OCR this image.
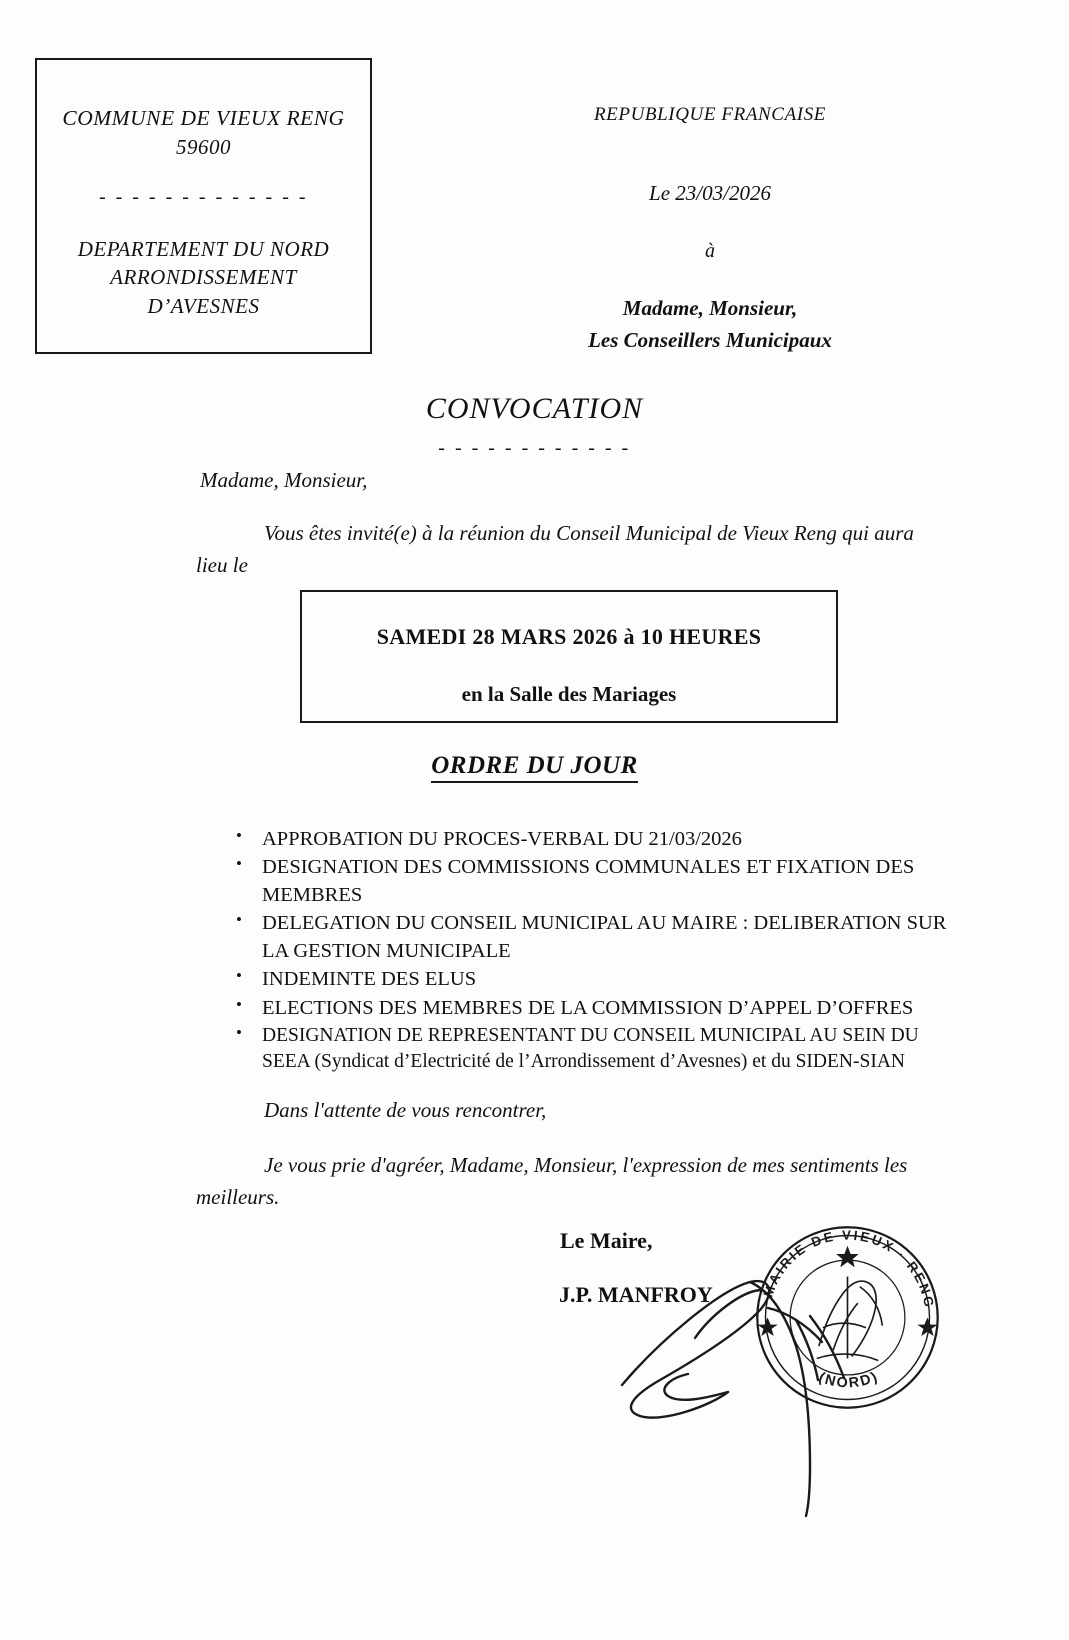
COMMUNE DE VIEUX RENG
59600
- - - - - - - - - - - - -
DEPARTEMENT DU NORD
ARRONDISSEMENT
D’AVESNES
REPUBLIQUE FRANCAISE
Le 23/03/2026
à
Madame, Monsieur,
Les Conseillers Municipaux
CONVOCATION
- - - - - - - - - - - -
Madame, Monsieur,
Vous êtes invité(e) à la réunion du Conseil Municipal de Vieux Reng qui aura lieu le
SAMEDI 28 MARS 2026 à 10 HEURES
en la Salle des Mariages
ORDRE DU JOUR
• APPROBATION DU PROCES-VERBAL DU 21/03/2026
• DESIGNATION DES COMMISSIONS COMMUNALES ET FIXATION DES MEMBRES
• DELEGATION DU CONSEIL MUNICIPAL AU MAIRE : DELIBERATION SUR LA GESTION MUNICIPALE
• INDEMINTE DES ELUS
• ELECTIONS DES MEMBRES DE LA COMMISSION D’APPEL D’OFFRES
• DESIGNATION DE REPRESENTANT DU CONSEIL MUNICIPAL AU SEIN DU SEEA (Syndicat d’Electricité de l’Arrondissement d’Avesnes) et du SIDEN-SIAN
Dans l'attente de vous rencontrer,
Je vous prie d'agréer, Madame, Monsieur, l'expression de mes sentiments les meilleurs.
Le Maire,
J.P. MANFROY	MAIRIE DE VIEUX · RENG
(NORD)
